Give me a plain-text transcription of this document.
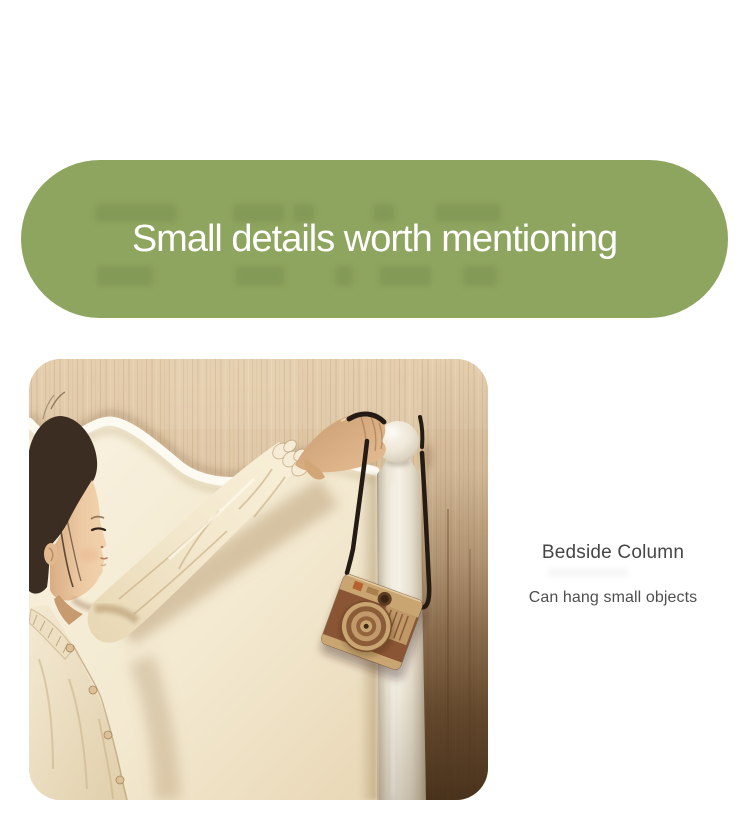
Small details worth mentioning
Bedside Column
Can hang small objects
